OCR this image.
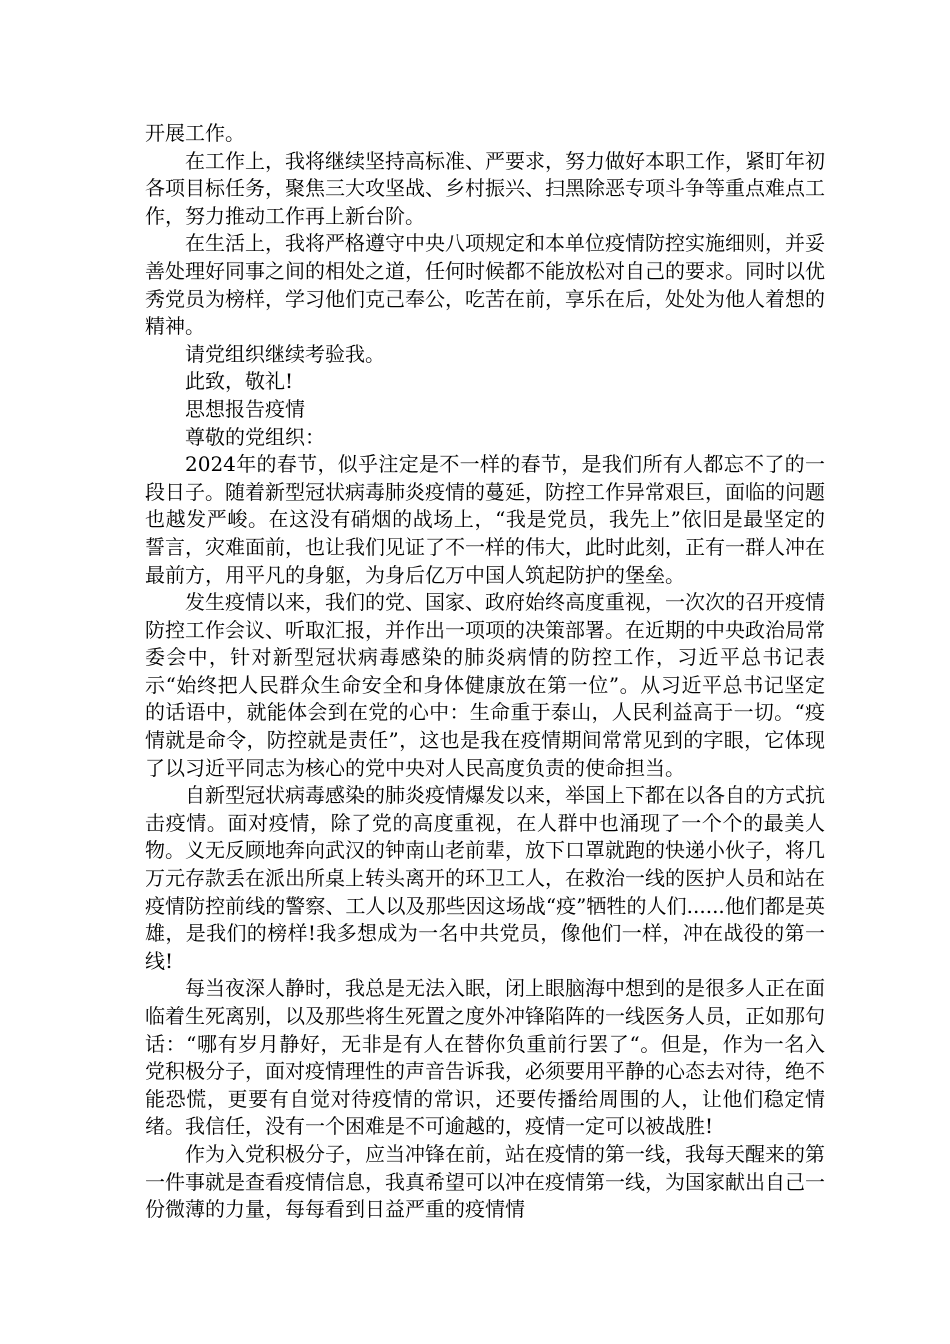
开展工作。

在工作上，我将继续坚持高标准、严要求，努力做好本职工作，紧盯年初各项目标任务，聚焦三大攻坚战、乡村振兴、扫黑除恶专项斗争等重点难点工作，努力推动工作再上新台阶。

在生活上，我将严格遵守中央八项规定和本单位疫情防控实施细则，并妥善处理好同事之间的相处之道，任何时候都不能放松对自己的要求。同时以优秀党员为榜样，学习他们克己奉公，吃苦在前，享乐在后，处处为他人着想的精神。

请党组织继续考验我。

此致，敬礼!

思想报告疫情

尊敬的党组织：

2024年的春节，似乎注定是不一样的春节，是我们所有人都忘不了的一段日子。随着新型冠状病毒肺炎疫情的蔓延，防控工作异常艰巨，面临的问题也越发严峻。在这没有硝烟的战场上，“我是党员，我先上”依旧是最坚定的誓言，灾难面前，也让我们见证了不一样的伟大，此时此刻，正有一群人冲在最前方，用平凡的身躯，为身后亿万中国人筑起防护的堡垒。

发生疫情以来，我们的党、国家、政府始终高度重视，一次次的召开疫情防控工作会议、听取汇报，并作出一项项的决策部署。在近期的中央政治局常委会中，针对新型冠状病毒感染的肺炎病情的防控工作，习近平总书记表示“始终把人民群众生命安全和身体健康放在第一位”。从习近平总书记坚定的话语中，就能体会到在党的心中：生命重于泰山，人民利益高于一切。“疫情就是命令，防控就是责任”，这也是我在疫情期间常常见到的字眼，它体现了以习近平同志为核心的党中央对人民高度负责的使命担当。

自新型冠状病毒感染的肺炎疫情爆发以来，举国上下都在以各自的方式抗击疫情。面对疫情，除了党的高度重视，在人群中也涌现了一个个的最美人物。义无反顾地奔向武汉的钟南山老前辈，放下口罩就跑的快递小伙子，将几万元存款丢在派出所桌上转头离开的环卫工人，在救治一线的医护人员和站在疫情防控前线的警察、工人以及那些因这场战“疫”牺牲的人们......他们都是英雄，是我们的榜样!我多想成为一名中共党员，像他们一样，冲在战役的第一线!

每当夜深人静时，我总是无法入眠，闭上眼脑海中想到的是很多人正在面临着生死离别，以及那些将生死置之度外冲锋陷阵的一线医务人员，正如那句话：“哪有岁月静好，无非是有人在替你负重前行罢了“。但是，作为一名入党积极分子，面对疫情理性的声音告诉我，必须要用平静的心态去对待，绝不能恐慌，更要有自觉对待疫情的常识，还要传播给周围的人，让他们稳定情绪。我信任，没有一个困难是不可逾越的，疫情一定可以被战胜!

作为入党积极分子，应当冲锋在前，站在疫情的第一线，我每天醒来的第一件事就是查看疫情信息，我真希望可以冲在疫情第一线，为国家献出自己一份微薄的力量，每每看到日益严重的疫情情
